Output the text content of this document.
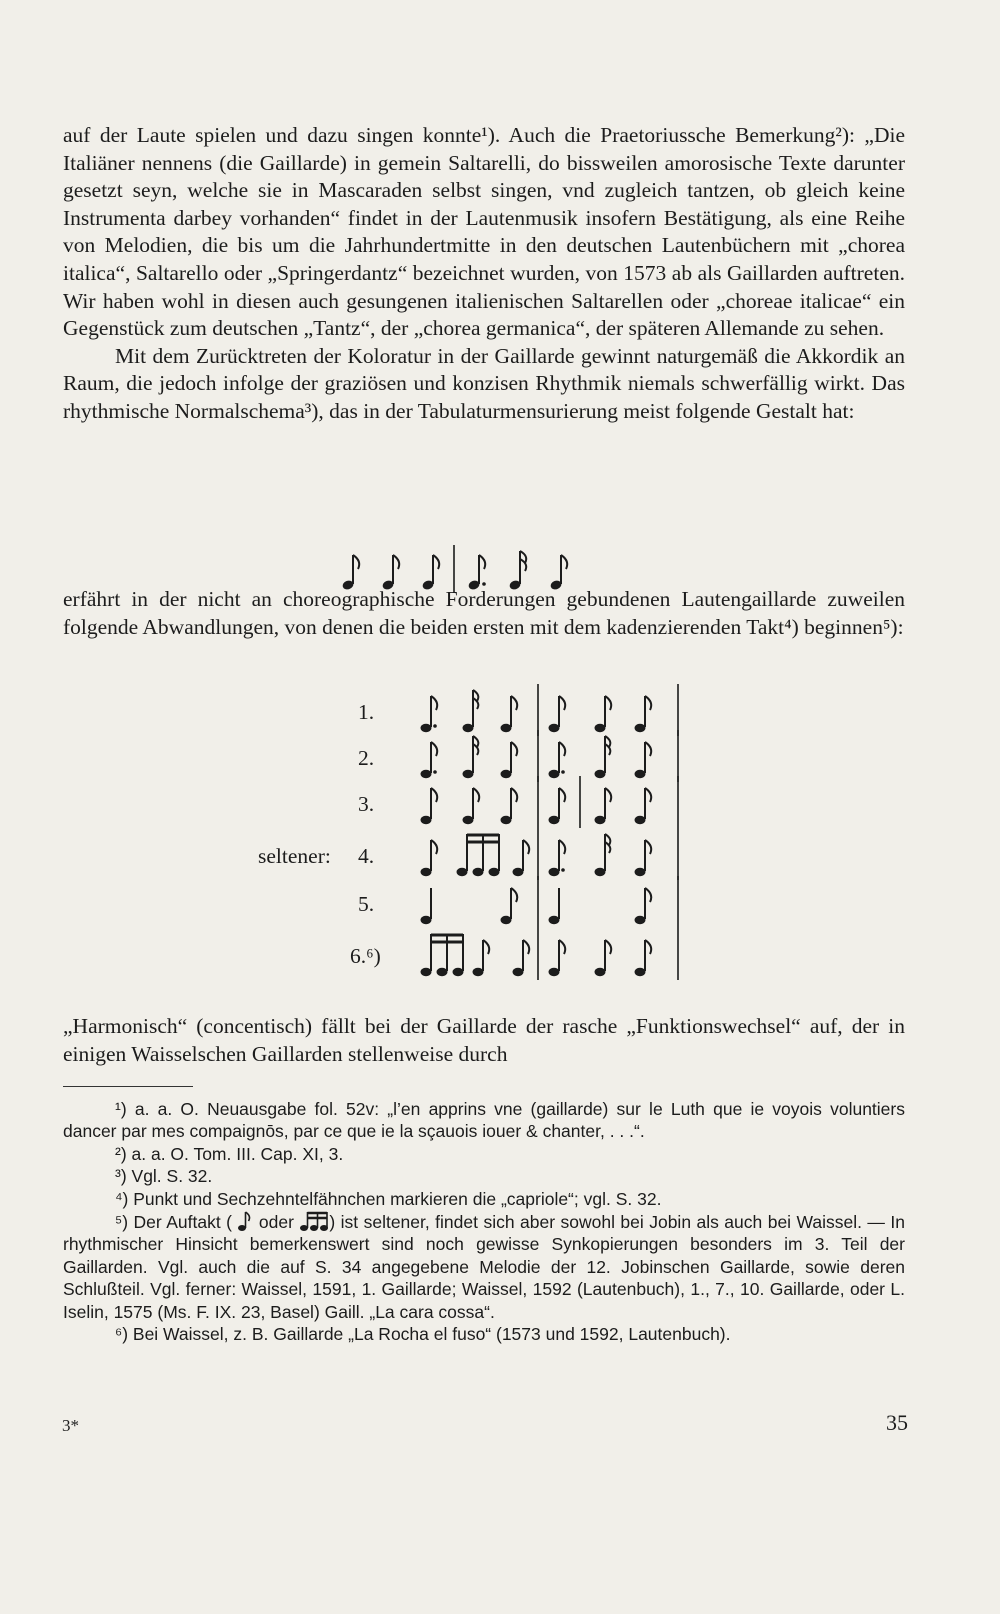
auf der Laute spielen und dazu singen konnte¹). Auch die Praetoriussche Bemerkung²): „Die Italiäner nennens (die Gaillarde) in gemein Saltarelli, do bissweilen amorosische Texte darunter gesetzt seyn, welche sie in Mascaraden selbst singen, vnd zugleich tantzen, ob gleich keine Instrumenta darbey vorhanden“ findet in der Lautenmusik insofern Bestätigung, als eine Reihe von Melodien, die bis um die Jahrhundertmitte in den deutschen Lautenbüchern mit „chorea italica“, Saltarello oder „Springerdantz“ bezeichnet wurden, von 1573 ab als Gaillarden auftreten. Wir haben wohl in diesen auch gesungenen italienischen Saltarellen oder „choreae italicae“ ein Gegenstück zum deutschen „Tantz“, der „chorea germanica“, der späteren Allemande zu sehen.

Mit dem Zurücktreten der Koloratur in der Gaillarde gewinnt naturgemäß die Akkordik an Raum, die jedoch infolge der graziösen und konzisen Rhythmik niemals schwerfällig wirkt. Das rhythmische Normalschema³), das in der Tabulaturmensurierung meist folgende Gestalt hat:

erfährt in der nicht an choreographische Forderungen gebundenen Lautengaillarde zuweilen folgende Abwandlungen, von denen die beiden ersten mit dem kadenzierenden Takt⁴) beginnen⁵):

1.
2.
3.
seltener: 4.
5.
6.⁶)

„Harmonisch“ (concentisch) fällt bei der Gaillarde der rasche „Funktionswechsel“ auf, der in einigen Waisselschen Gaillarden stellenweise durch

¹) a. a. O. Neuausgabe fol. 52v: „l’en apprins vne (gaillarde) sur le Luth que ie voyois voluntiers dancer par mes compaignōs, par ce que ie la sçauois iouer & chanter, . . .“.

²) a. a. O. Tom. III. Cap. XI, 3.

³) Vgl. S. 32.

⁴) Punkt und Sechzehntelfähnchen markieren die „capriole“; vgl. S. 32.

⁵) Der Auftakt ( oder ) ist seltener, findet sich aber sowohl bei Jobin als auch bei Waissel. — In rhythmischer Hinsicht bemerkenswert sind noch gewisse Synkopierungen besonders im 3. Teil der Gaillarden. Vgl. auch die auf S. 34 angegebene Melodie der 12. Jobinschen Gaillarde, sowie deren Schlußteil. Vgl. ferner: Waissel, 1591, 1. Gaillarde; Waissel, 1592 (Lautenbuch), 1., 7., 10. Gaillarde, oder L. Iselin, 1575 (Ms. F. IX. 23, Basel) Gaill. „La cara cossa“.

⁶) Bei Waissel, z. B. Gaillarde „La Rocha el fuso“ (1573 und 1592, Lautenbuch).

3*	35
